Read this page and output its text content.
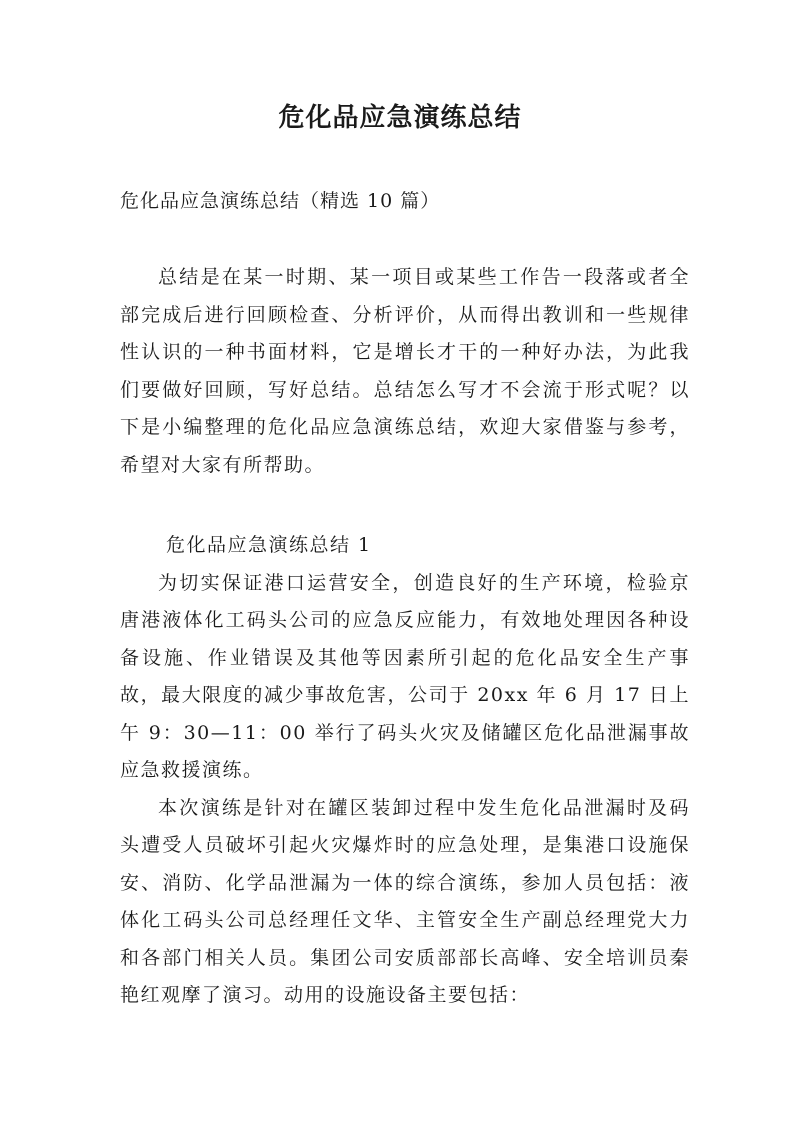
危化品应急演练总结

危化品应急演练总结（精选 10 篇）

总结是在某一时期、某一项目或某些工作告一段落或者全部完成后进行回顾检查、分析评价，从而得出教训和一些规律性认识的一种书面材料，它是增长才干的一种好办法，为此我们要做好回顾，写好总结。总结怎么写才不会流于形式呢？以下是小编整理的危化品应急演练总结，欢迎大家借鉴与参考，希望对大家有所帮助。

危化品应急演练总结 1
为切实保证港口运营安全，创造良好的生产环境，检验京唐港液体化工码头公司的应急反应能力，有效地处理因各种设备设施、作业错误及其他等因素所引起的危化品安全生产事故，最大限度的减少事故危害，公司于 20xx 年 6 月 17 日上午 9：30—11：00 举行了码头火灾及储罐区危化品泄漏事故应急救援演练。
本次演练是针对在罐区装卸过程中发生危化品泄漏时及码头遭受人员破坏引起火灾爆炸时的应急处理，是集港口设施保安、消防、化学品泄漏为一体的综合演练，参加人员包括：液体化工码头公司总经理任文华、主管安全生产副总经理党大力和各部门相关人员。集团公司安质部部长高峰、安全培训员秦艳红观摩了演习。动用的设施设备主要包括：
